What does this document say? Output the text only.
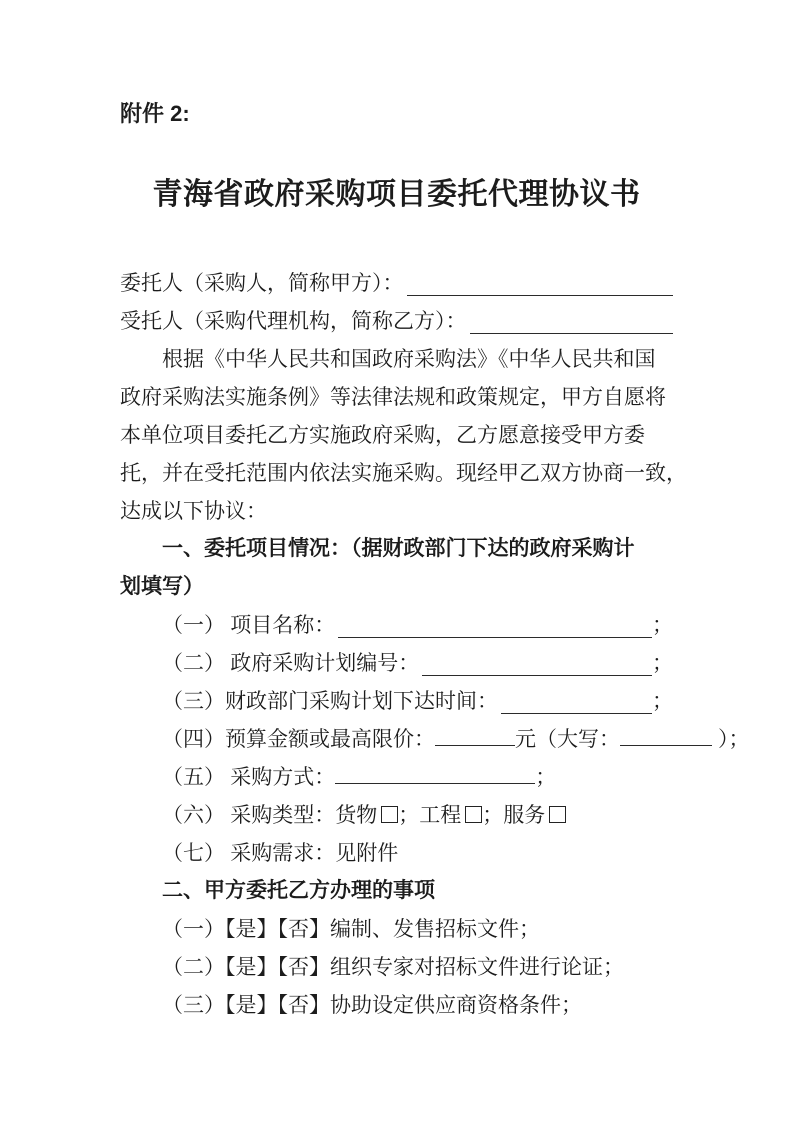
附件 2:
青海省政府采购项目委托代理协议书
委托人（采购人，简称甲方）：
受托人（采购代理机构，简称乙方）：
根据《中华人民共和国政府采购法》《中华人民共和国
政府采购法实施条例》等法律法规和政策规定，甲方自愿将
本单位项目委托乙方实施政府采购，乙方愿意接受甲方委
托，并在受托范围内依法实施采购。现经甲乙双方协商一致，
达成以下协议：
一、委托项目情况：（据财政部门下达的政府采购计
划填写）
（一） 项目名称：	；
（二） 政府采购计划编号：	；
（三）财政部门采购计划下达时间：	；
（四）预算金额或最高限价：	元（大写：	）；
（五） 采购方式：	；
（六） 采购类型：货物 ；工程 ；服务
（七） 采购需求：见附件
二、甲方委托乙方办理的事项
（一）【是】【否】编制、发售招标文件；
（二）【是】【否】组织专家对招标文件进行论证；
（三）【是】【否】协助设定供应商资格条件；
